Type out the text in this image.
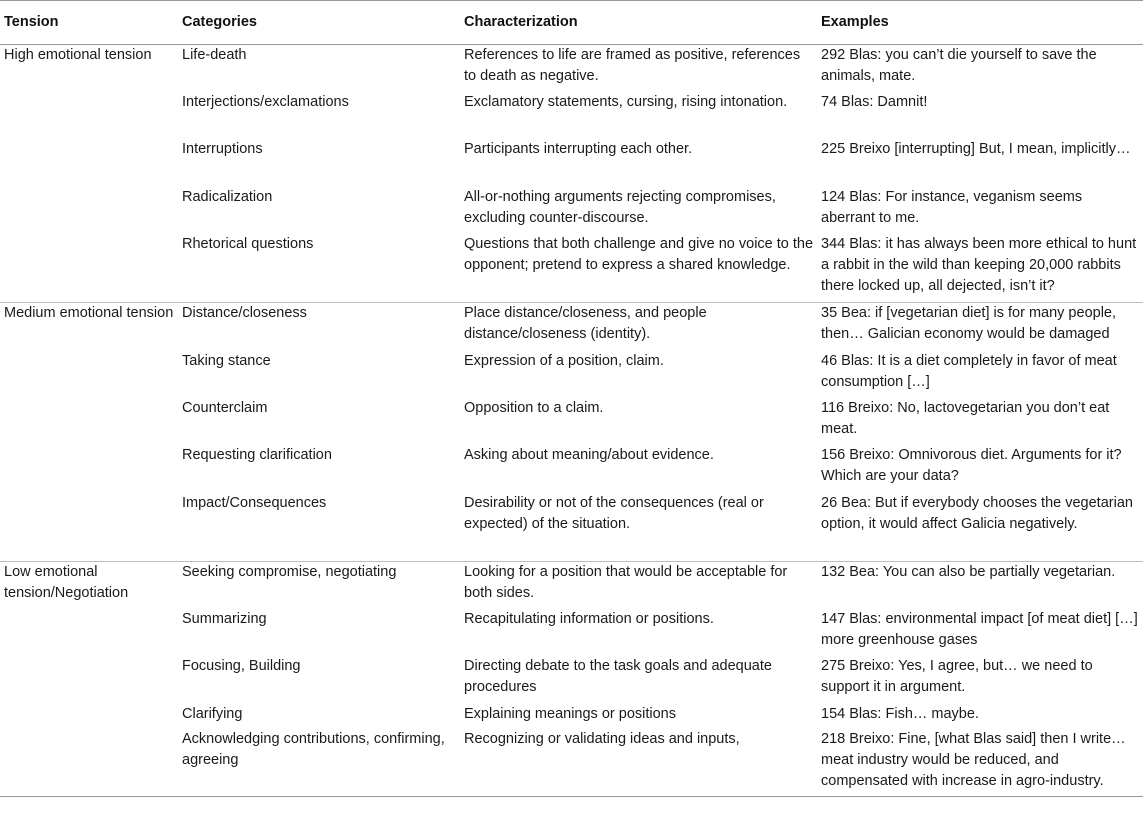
Tension	Categories	Characterization	Examples
High emotional tension	Life-death	References to life are framed as positive, references to death as negative.	292 Blas: you can’t die yourself to save the animals, mate.
	Interjections/exclamations	Exclamatory statements, cursing, rising intonation.	74 Blas: Damnit!
	Interruptions	Participants interrupting each other.	225 Breixo [interrupting] But, I mean, implicitly…
	Radicalization	All-or-nothing arguments rejecting compromises, excluding counter-discourse.	124 Blas: For instance, veganism seems aberrant to me.
	Rhetorical questions	Questions that both challenge and give no voice to the opponent; pretend to express a shared knowledge.	344 Blas: it has always been more ethical to hunt a rabbit in the wild than keeping 20,000 rabbits there locked up, all dejected, isn’t it?
Medium emotional tension	Distance/closeness	Place distance/closeness, and people distance/closeness (identity).	35 Bea: if [vegetarian diet] is for many people, then… Galician economy would be damaged
	Taking stance	Expression of a position, claim.	46 Blas: It is a diet completely in favor of meat consumption […]
	Counterclaim	Opposition to a claim.	116 Breixo: No, lactovegetarian you don’t eat meat.
	Requesting clarification	Asking about meaning/about evidence.	156 Breixo: Omnivorous diet. Arguments for it? Which are your data?
	Impact/Consequences	Desirability or not of the consequences (real or expected) of the situation.	26 Bea: But if everybody chooses the vegetarian option, it would affect Galicia negatively.
Low emotional tension/Negotiation	Seeking compromise, negotiating	Looking for a position that would be acceptable for both sides.	132 Bea: You can also be partially vegetarian.
	Summarizing	Recapitulating information or positions.	147 Blas: environmental impact [of meat diet] […] more greenhouse gases
	Focusing, Building	Directing debate to the task goals and adequate procedures	275 Breixo: Yes, I agree, but… we need to support it in argument.
	Clarifying	Explaining meanings or positions	154 Blas: Fish… maybe.
	Acknowledging contributions, confirming, agreeing	Recognizing or validating ideas and inputs,	218 Breixo: Fine, [what Blas said] then I write… meat industry would be reduced, and compensated with increase in agro-industry.
